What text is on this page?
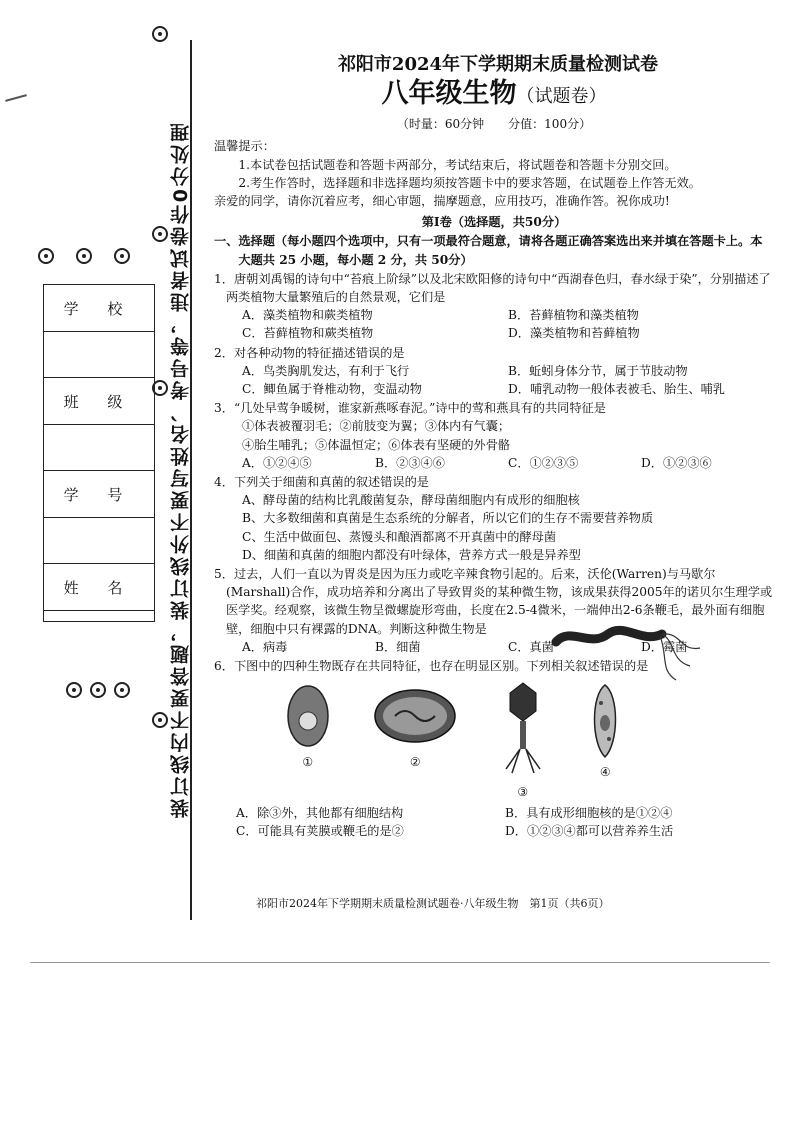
装订线内不要答题，装订线外不要写姓名、考号等，违者试卷作0分处理
学 校
班 级
学 号
姓 名
祁阳市2024年下学期期末质量检测试卷
八年级生物（试题卷）
（时量：60分钟　　分值：100分）
温馨提示：
1.本试卷包括试题卷和答题卡两部分，考试结束后，将试题卷和答题卡分别交回。
2.考生作答时，选择题和非选择题均须按答题卡中的要求答题，在试题卷上作答无效。
亲爱的同学，请你沉着应考，细心审题，揣摩题意，应用技巧，准确作答。祝你成功!
第Ⅰ卷（选择题，共50分）
一、选择题（每小题四个选项中，只有一项最符合题意，请将各题正确答案选出来并填在答题卡上。本大题共 25 小题，每小题 2 分，共 50分）
1．唐朝刘禹锡的诗句中“苔痕上阶绿”以及北宋欧阳修的诗句中“西湖春色归，春水绿于染”，分别描述了两类植物大量繁殖后的自然景观，它们是
A．藻类植物和蕨类植物	B．苔藓植物和藻类植物
C．苔藓植物和蕨类植物	D．藻类植物和苔藓植物
2．对各种动物的特征描述错误的是
A．鸟类胸肌发达，有利于飞行	B．蚯蚓身体分节，属于节肢动物
C．鲫鱼属于脊椎动物，变温动物	D．哺乳动物一般体表被毛、胎生、哺乳
3．“几处早莺争暖树，谁家新燕啄春泥。”诗中的莺和燕具有的共同特征是
①体表被覆羽毛；②前肢变为翼；③体内有气囊；
④胎生哺乳；⑤体温恒定；⑥体表有坚硬的外骨骼
A．①②④⑤	B．②③④⑥	C．①②③⑤	D．①②③⑥
4．下列关于细菌和真菌的叙述错误的是
A、酵母菌的结构比乳酸菌复杂，酵母菌细胞内有成形的细胞核
B、大多数细菌和真菌是生态系统的分解者，所以它们的生存不需要营养物质
C、生活中做面包、蒸馒头和酿酒都离不开真菌中的酵母菌
D、细菌和真菌的细胞内都没有叶绿体，营养方式一般是异养型
5．过去，人们一直以为胃炎是因为压力或吃辛辣食物引起的。后来，沃伦(Warren)与马歇尔(Marshall)合作，成功培养和分离出了导致胃炎的某种微生物，该成果获得2005年的诺贝尔生理学或医学奖。经观察，该微生物呈微螺旋形弯曲，长度在2.5-4微米，一端伸出2-6条鞭毛，最外面有细胞壁，细胞中只有裸露的DNA。判断这种微生物是
A．病毒	B．细菌	C．真菌	D．霉菌
6．下图中的四种生物既存在共同特征，也存在明显区别。下列相关叙述错误的是
①	②
③
④
A．除③外，其他都有细胞结构	B．具有成形细胞核的是①②④
C．可能具有荚膜或鞭毛的是②	D．①②③④都可以营养养生活
祁阳市2024年下学期期末质量检测试题卷·八年级生物　第1页（共6页）
